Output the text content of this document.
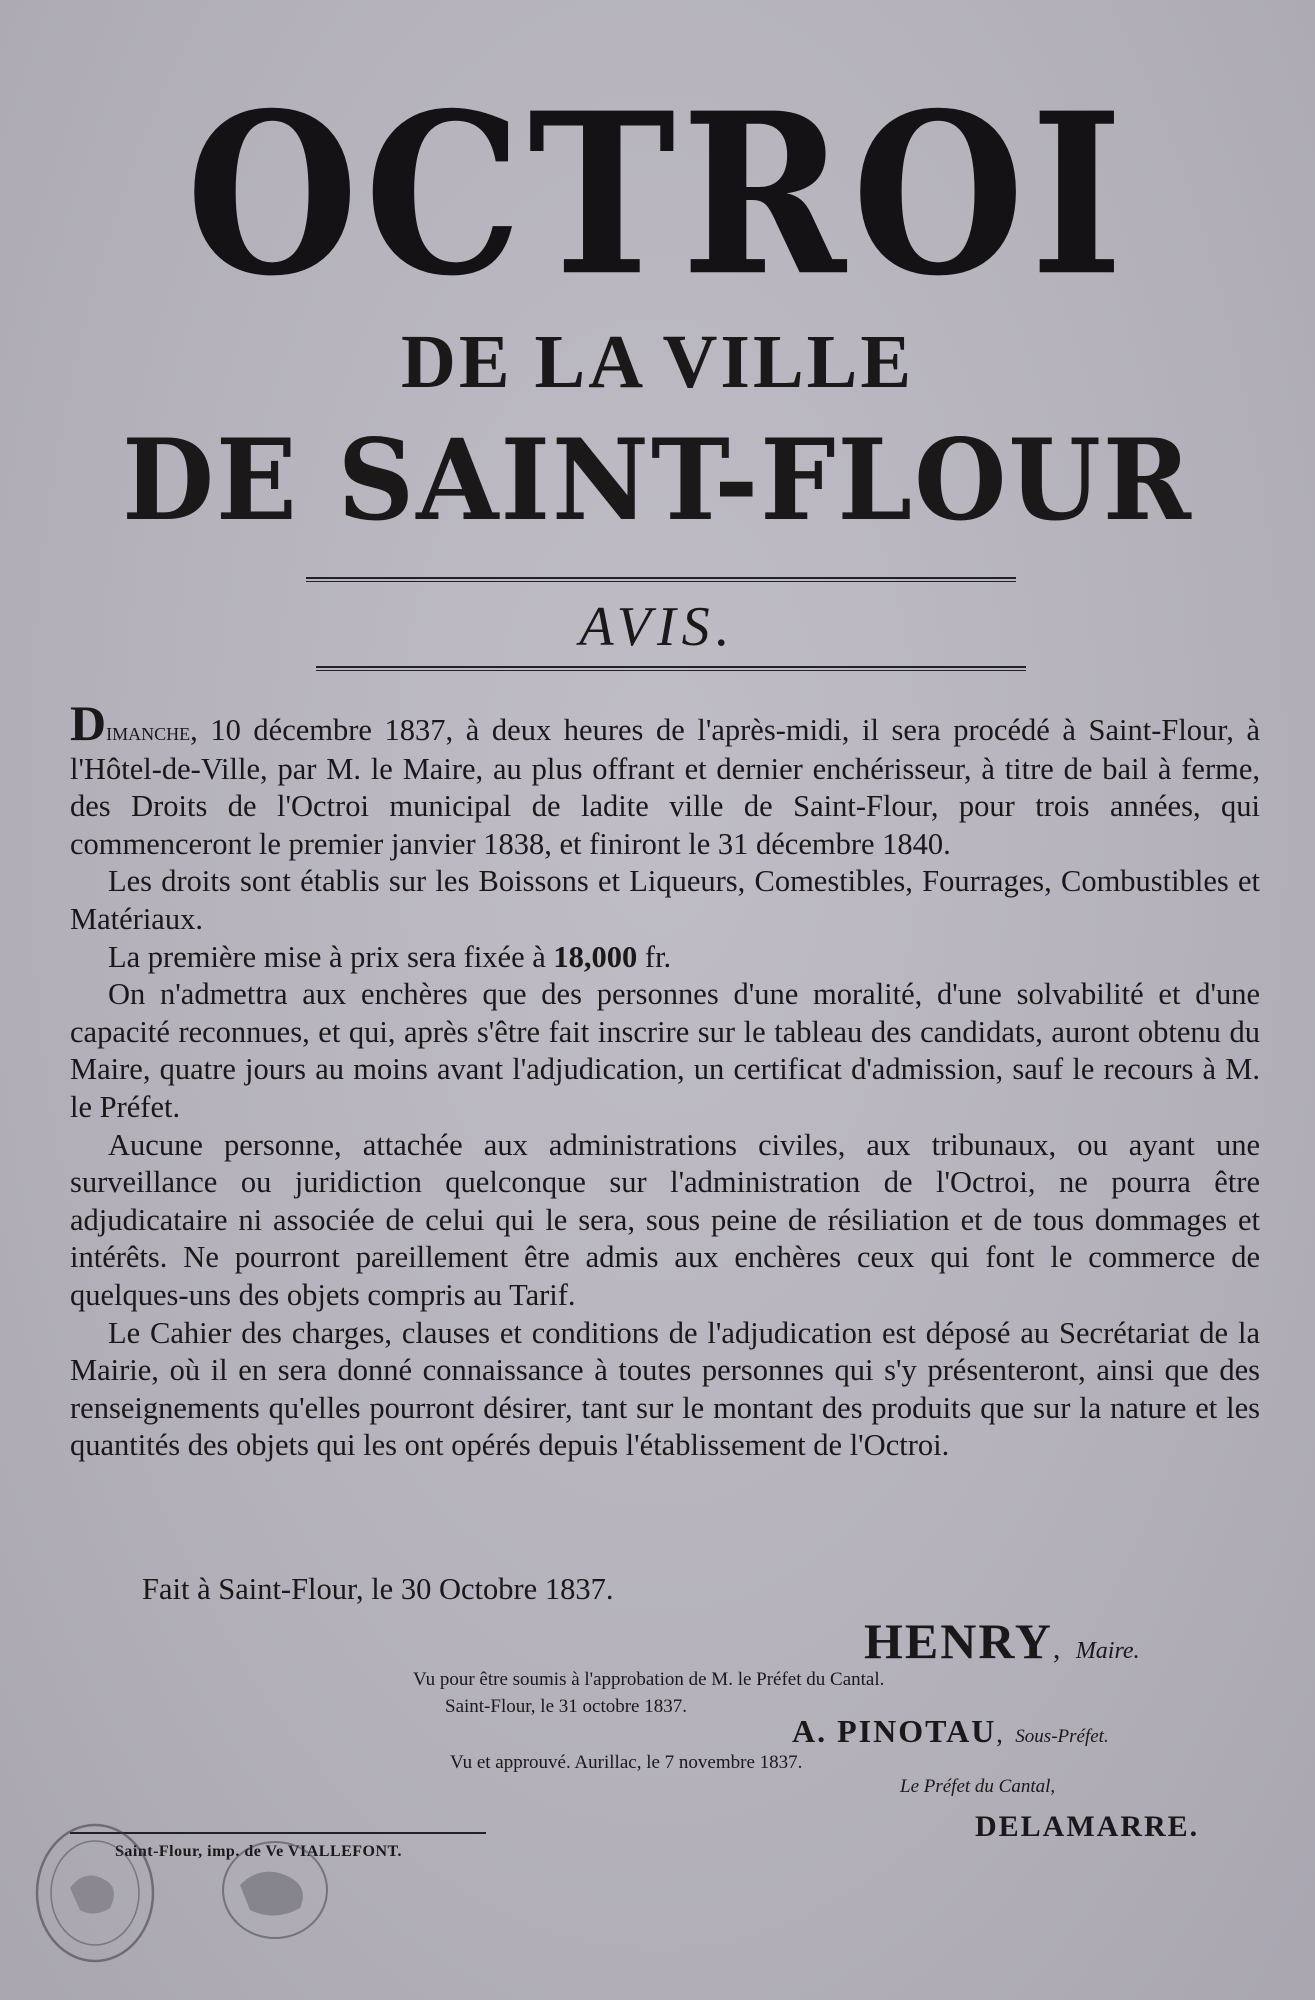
OCTROI
DE LA VILLE
DE SAINT-FLOUR
AVIS.

Dimanche, 10 décembre 1837, à deux heures de l'après-midi, il sera procédé à Saint-Flour, à l'Hôtel-de-Ville, par M. le Maire, au plus offrant et dernier enchérisseur, à titre de bail à ferme, des Droits de l'Octroi municipal de ladite ville de Saint-Flour, pour trois années, qui commenceront le premier janvier 1838, et finiront le 31 décembre 1840.

Les droits sont établis sur les Boissons et Liqueurs, Comestibles, Fourrages, Combustibles et Matériaux.

La première mise à prix sera fixée à 18,000 fr.

On n'admettra aux enchères que des personnes d'une moralité, d'une solvabilité et d'une capacité reconnues, et qui, après s'être fait inscrire sur le tableau des candidats, auront obtenu du Maire, quatre jours au moins avant l'adjudication, un certificat d'admission, sauf le recours à M. le Préfet.

Aucune personne, attachée aux administrations civiles, aux tribunaux, ou ayant une surveillance ou juridiction quelconque sur l'administration de l'Octroi, ne pourra être adjudicataire ni associée de celui qui le sera, sous peine de résiliation et de tous dommages et intérêts. Ne pourront pareillement être admis aux enchères ceux qui font le commerce de quelques-uns des objets compris au Tarif.

Le Cahier des charges, clauses et conditions de l'adjudication est déposé au Secrétariat de la Mairie, où il en sera donné connaissance à toutes personnes qui s'y présenteront, ainsi que des renseignements qu'elles pourront désirer, tant sur le montant des produits que sur la nature et les quantités des objets qui les ont opérés depuis l'établissement de l'Octroi.

Fait à Saint-Flour, le 30 Octobre 1837.
HENRY, Maire.
Vu pour être soumis à l'approbation de M. le Préfet du Cantal.
Saint-Flour, le 31 octobre 1837.
A. PINOTAU, Sous-Préfet.
Vu et approuvé. Aurillac, le 7 novembre 1837.
Le Préfet du Cantal,
DELAMARRE.
Saint-Flour, imp. de Ve VIALLEFONT.
